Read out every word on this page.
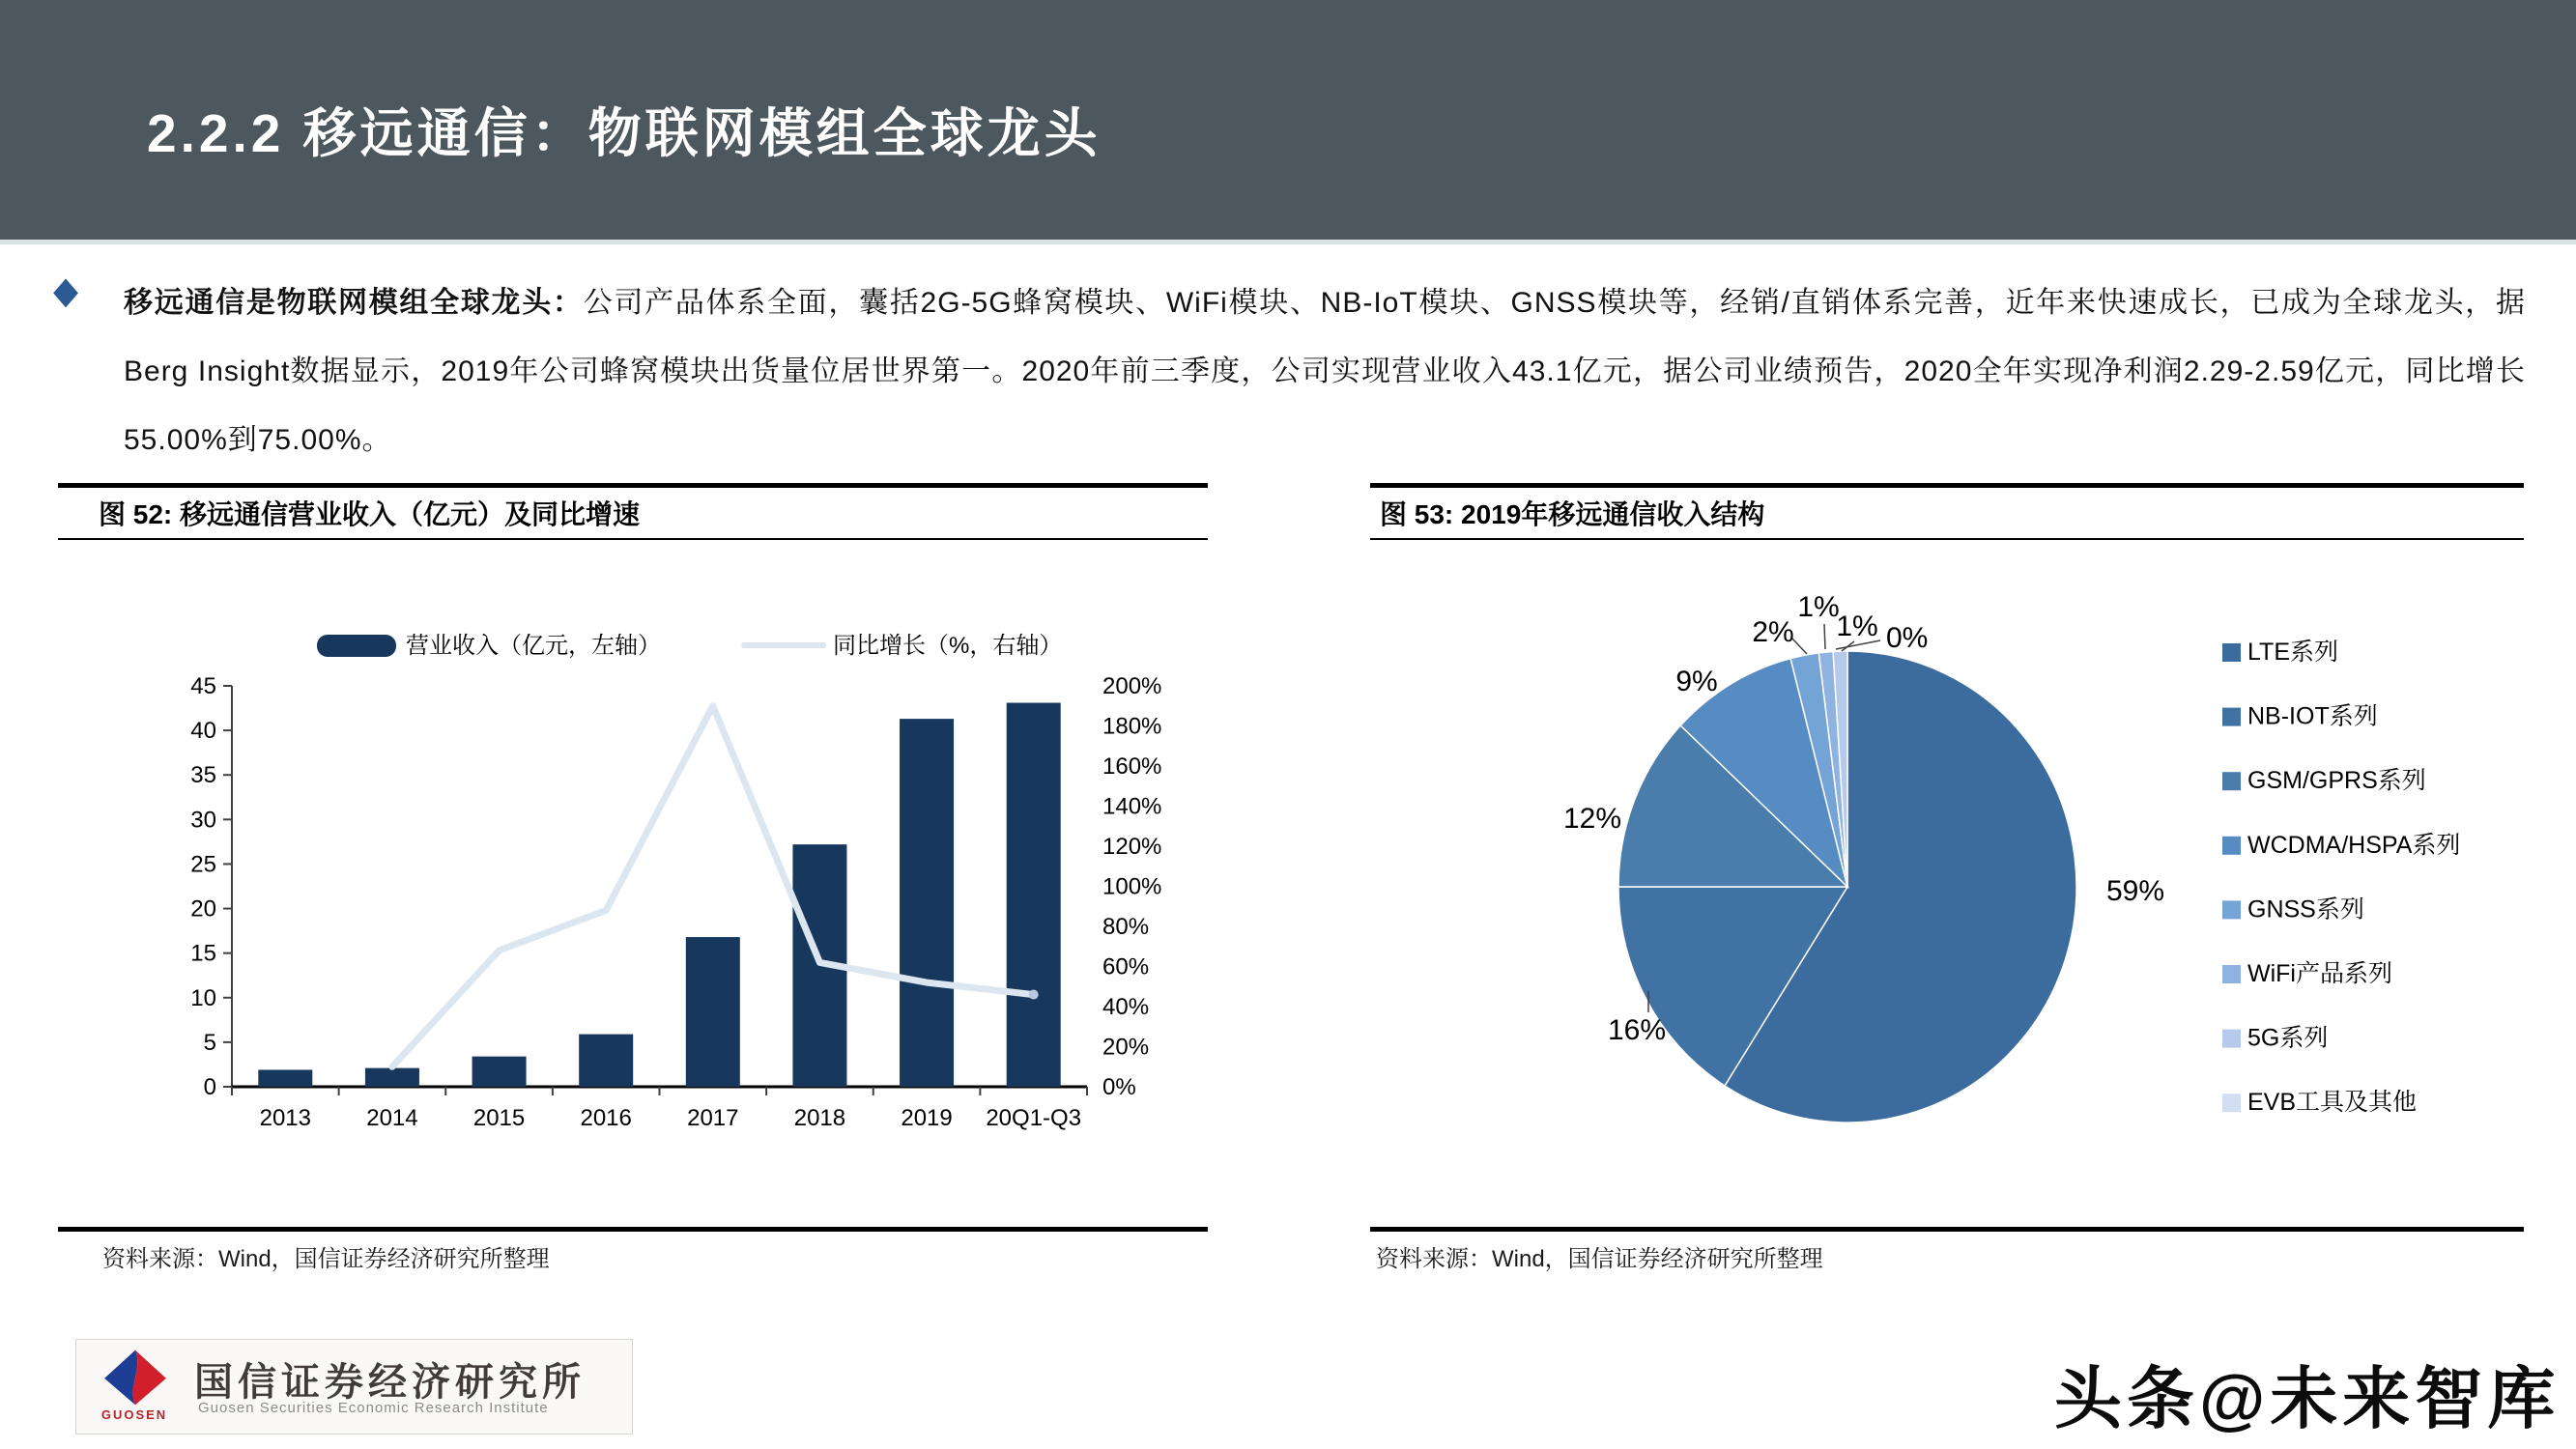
2.2.2 移远通信：物联网模组全球龙头
◆ 移远通信是物联网模组全球龙头：公司产品体系全面，囊括2G-5G蜂窝模块、WiFi模块、NB-IoT模块、GNSS模块等，经销/直销体系完善，近年来快速成长，已成为全球龙头，据Berg Insight数据显示，2019年公司蜂窝模块出货量位居世界第一。2020年前三季度，公司实现营业收入43.1亿元，据公司业绩预告，2020全年实现净利润2.29-2.59亿元，同比增长55.00%到75.00%。

图 52: 移远通信营业收入（亿元）及同比增速
营业收入（亿元，左轴）	同比增长（%，右轴）
0
5
10
15
20
25
30
35
40
45
0%
20%
40%
60%
80%
100%
120%
140%
160%
180%
200%
2013 2014 2015 2016 2017 2018 2019 20Q1-Q3
资料来源：Wind，国信证券经济研究所整理
图 53: 2019年移远通信收入结构
59%
16%
12%
9%
2%
1%
1% 0%	LTE系列
NB-IOT系列
GSM/GPRS系列
WCDMA/HSPA系列
GNSS系列
WiFi产品系列
5G系列
EVB工具及其他
资料来源：Wind，国信证券经济研究所整理
GUOSEN
国信证券经济研究所
Guosen Securities Economic Research Institute	头条@未来智库
